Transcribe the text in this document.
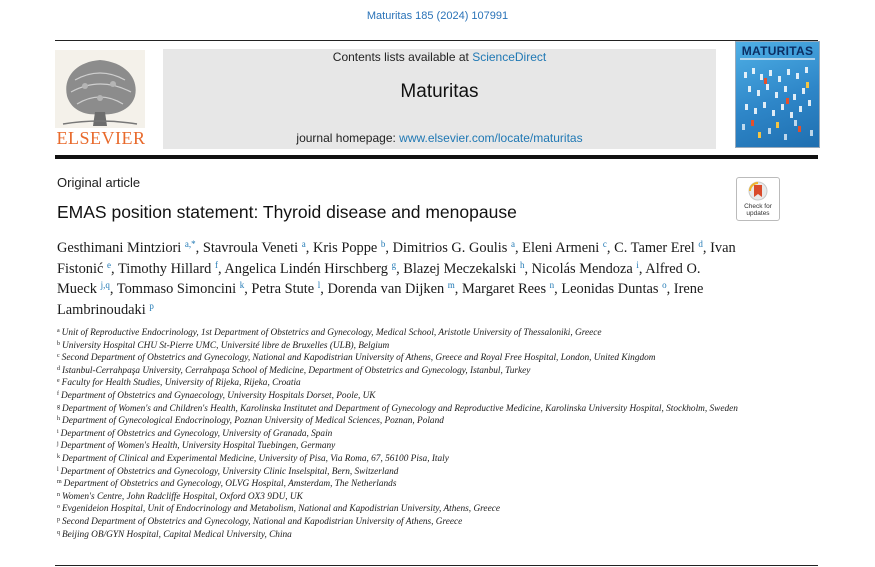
Maturitas 185 (2024) 107991
ELSEVIER
Contents lists available at ScienceDirect
Maturitas
journal homepage: www.elsevier.com/locate/maturitas
MATURITAS
Original article
EMAS position statement: Thyroid disease and menopause	Check for updates
Gesthimani Mintziori $^{a,*}$, Stavroula Veneti $^a$, Kris Poppe $^b$, Dimitrios G. Goulis $^a$, Eleni Armeni $^c$, C. Tamer Erel $^d$, Ivan Fistonić $^e$, Timothy Hillard $^f$, Angelica Lindén Hirschberg $^g$, Blazej Meczekalski $^h$, Nicolás Mendoza $^i$, Alfred O. Mueck $^{j,q}$, Tommaso Simoncini $^k$, Petra Stute $^l$, Dorenda van Dijken $^m$, Margaret Rees $^n$, Leonidas Duntas $^o$, Irene Lambrinoudaki $^p$
$^a$ Unit of Reproductive Endocrinology, 1st Department of Obstetrics and Gynecology, Medical School, Aristotle University of Thessaloniki, Greece
$^b$ University Hospital CHU St-Pierre UMC, Université libre de Bruxelles (ULB), Belgium
$^c$ Second Department of Obstetrics and Gynecology, National and Kapodistrian University of Athens, Greece and Royal Free Hospital, London, United Kingdom
$^d$ Istanbul-Cerrahpaşa University, Cerrahpaşa School of Medicine, Department of Obstetrics and Gynecology, Istanbul, Turkey
$^e$ Faculty for Health Studies, University of Rijeka, Rijeka, Croatia
$^f$ Department of Obstetrics and Gynaecology, University Hospitals Dorset, Poole, UK
$^g$ Department of Women's and Children's Health, Karolinska Institutet and Department of Gynecology and Reproductive Medicine, Karolinska University Hospital, Stockholm, Sweden
$^h$ Department of Gynecological Endocrinology, Poznan University of Medical Sciences, Poznan, Poland
$^i$ Department of Obstetrics and Gynecology, University of Granada, Spain
$^j$ Department of Women's Health, University Hospital Tuebingen, Germany
$^k$ Department of Clinical and Experimental Medicine, University of Pisa, Via Roma, 67, 56100 Pisa, Italy
$^l$ Department of Obstetrics and Gynecology, University Clinic Inselspital, Bern, Switzerland
$^m$ Department of Obstetrics and Gynecology, OLVG Hospital, Amsterdam, The Netherlands
$^n$ Women's Centre, John Radcliffe Hospital, Oxford OX3 9DU, UK
$^o$ Evgenideion Hospital, Unit of Endocrinology and Metabolism, National and Kapodistrian University, Athens, Greece
$^p$ Second Department of Obstetrics and Gynecology, National and Kapodistrian University of Athens, Greece
$^q$ Beijing OB/GYN Hospital, Capital Medical University, China
